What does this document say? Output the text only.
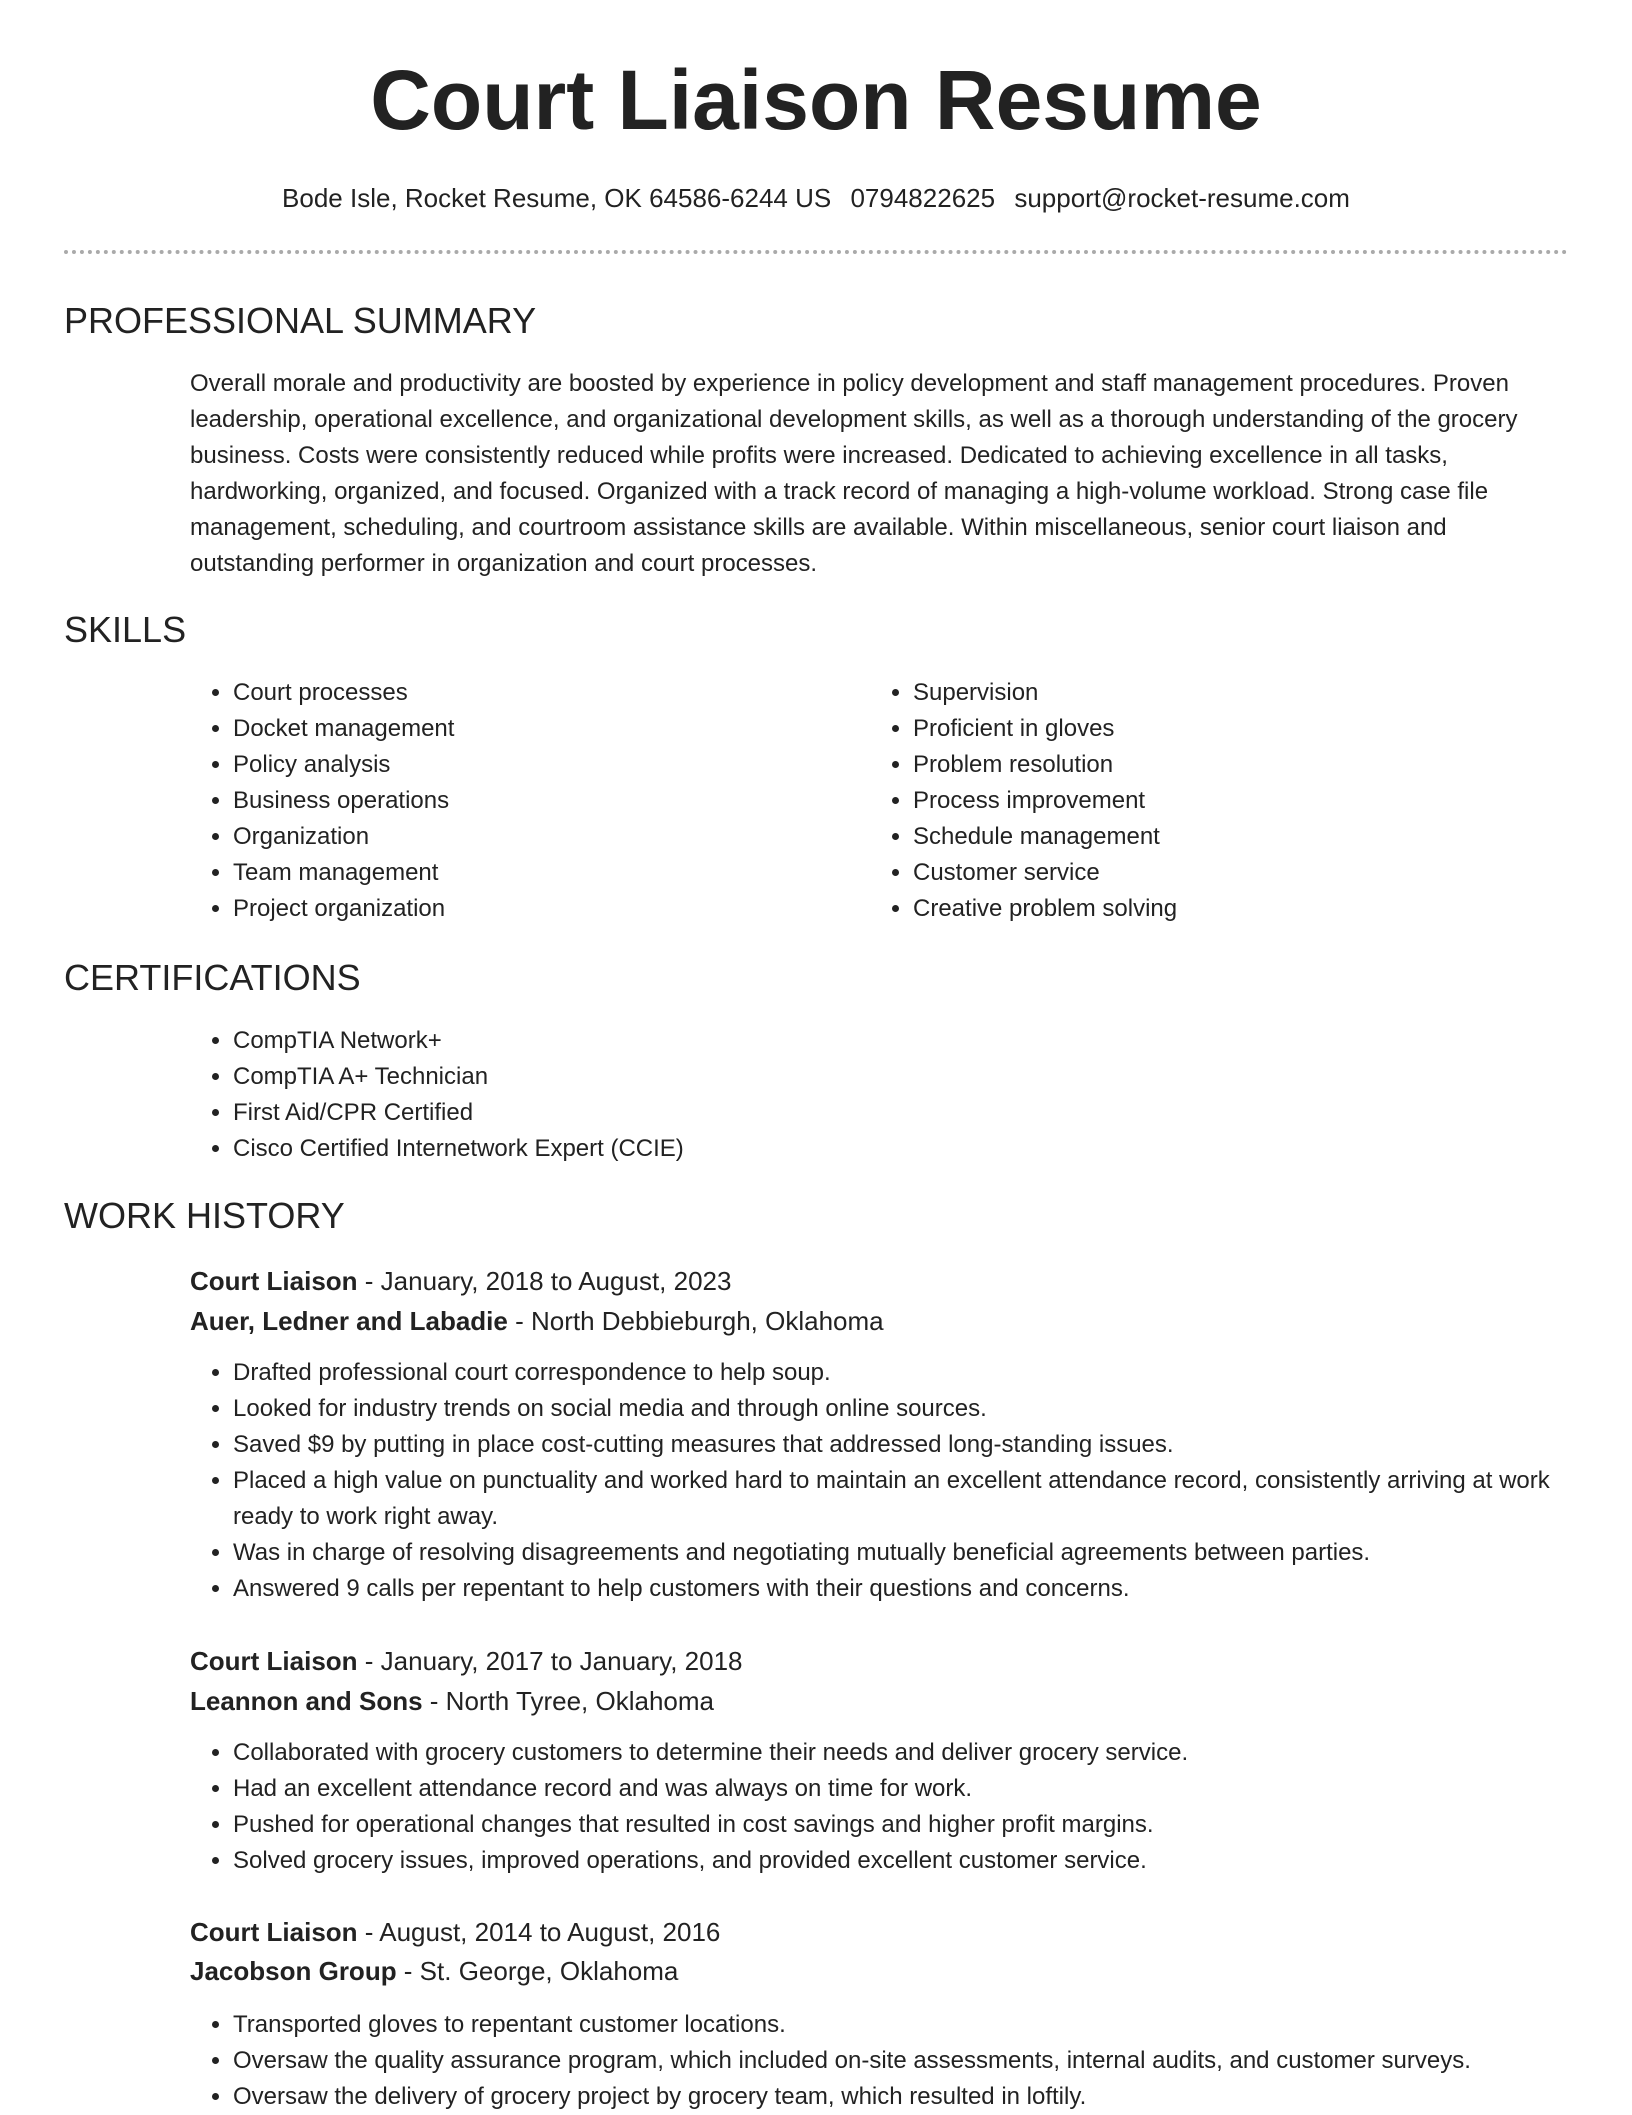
Court Liaison Resume
Bode Isle, Rocket Resume, OK 64586-6244 US 0794822625 support@rocket-resume.com
PROFESSIONAL SUMMARY

Overall morale and productivity are boosted by experience in policy development and staff management procedures. Proven leadership, operational excellence, and organizational development skills, as well as a thorough understanding of the grocery business. Costs were consistently reduced while profits were increased. Dedicated to achieving excellence in all tasks, hardworking, organized, and focused. Organized with a track record of managing a high-volume workload. Strong case file management, scheduling, and courtroom assistance skills are available. Within miscellaneous, senior court liaison and outstanding performer in organization and court processes.

SKILLS
• Court processes
• Docket management
• Policy analysis
• Business operations
• Organization
• Team management
• Project organization
• Supervision
• Proficient in gloves
• Problem resolution
• Process improvement
• Schedule management
• Customer service
• Creative problem solving
CERTIFICATIONS
• CompTIA Network+
• CompTIA A+ Technician
• First Aid/CPR Certified
• Cisco Certified Internetwork Expert (CCIE)
WORK HISTORY
Court Liaison - January, 2018 to August, 2023
Auer, Ledner and Labadie - North Debbieburgh, Oklahoma
• Drafted professional court correspondence to help soup.
• Looked for industry trends on social media and through online sources.
• Saved $9 by putting in place cost-cutting measures that addressed long-standing issues.
• Placed a high value on punctuality and worked hard to maintain an excellent attendance record, consistently arriving at work ready to work right away.
• Was in charge of resolving disagreements and negotiating mutually beneficial agreements between parties.
• Answered 9 calls per repentant to help customers with their questions and concerns.
Court Liaison - January, 2017 to January, 2018
Leannon and Sons - North Tyree, Oklahoma
• Collaborated with grocery customers to determine their needs and deliver grocery service.
• Had an excellent attendance record and was always on time for work.
• Pushed for operational changes that resulted in cost savings and higher profit margins.
• Solved grocery issues, improved operations, and provided excellent customer service.
Court Liaison - August, 2014 to August, 2016
Jacobson Group - St. George, Oklahoma
• Transported gloves to repentant customer locations.
• Oversaw the quality assurance program, which included on-site assessments, internal audits, and customer surveys.
• Oversaw the delivery of grocery project by grocery team, which resulted in loftily.
